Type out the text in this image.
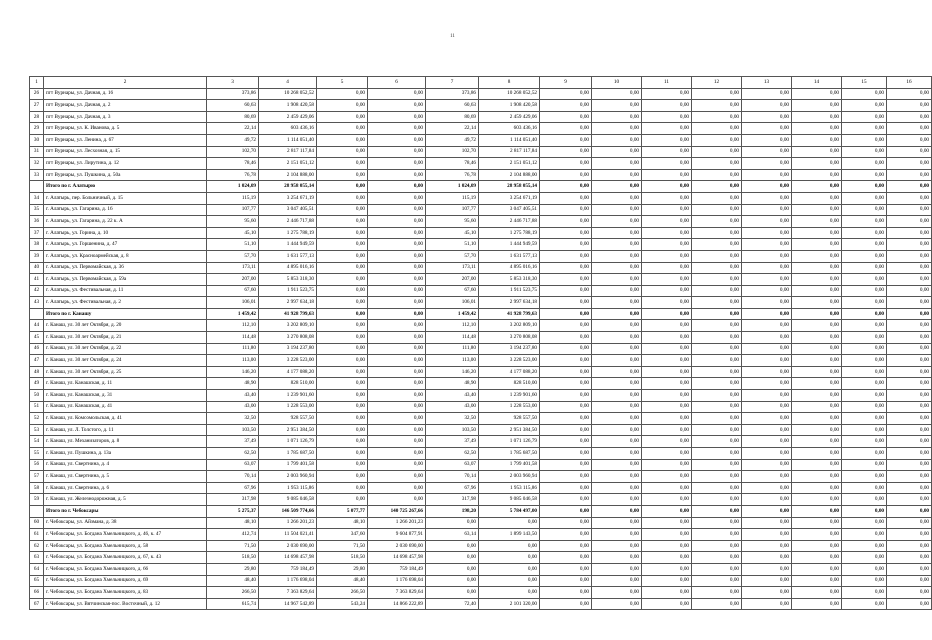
11
1	2	3	4	5	6	7	8	9	10	11	12	13	14	15	16
26	пгт Вурнары, ул. Дачная, д. 16	373,86	10 268 052,52	0,00	0,00	373,86	10 268 052,52	0,00	0,00	0,00	0,00	0,00	0,00	0,00	0,00
27	пгт Вурнары, ул. Дачная, д. 2	60,63	1 908 420,58	0,00	0,00	60,63	1 908 420,58	0,00	0,00	0,00	0,00	0,00	0,00	0,00	0,00
28	пгт Вурнары, ул. Дачная, д. 3	80,69	2 459 429,06	0,00	0,00	80,69	2 459 429,06	0,00	0,00	0,00	0,00	0,00	0,00	0,00	0,00
29	пгт Вурнары, ул. К. Иванова, д. 5	22,14	603 436,16	0,00	0,00	22,14	603 436,16	0,00	0,00	0,00	0,00	0,00	0,00	0,00	0,00
30	пгт Вурнары, ул. Ленина, д. 67	49,72	1 114 051,40	0,00	0,00	49,72	1 114 051,40	0,00	0,00	0,00	0,00	0,00	0,00	0,00	0,00
31	пгт Вурнары, ул. Лесхозная, д. 15	102,70	2 817 117,84	0,00	0,00	102,70	2 817 117,84	0,00	0,00	0,00	0,00	0,00	0,00	0,00	0,00
32	пгт Вурнары, ул. Лирутина, д. 12	78,46	2 151 051,12	0,00	0,00	78,46	2 151 051,12	0,00	0,00	0,00	0,00	0,00	0,00	0,00	0,00
33	пгт Вурнары, ул. Пушкина, д. 50а	76,78	2 104 888,00	0,00	0,00	76,78	2 104 888,00	0,00	0,00	0,00	0,00	0,00	0,00	0,00	0,00
	Итого по г. Алатырю	1 024,09	28 958 055,14	0,00	0,00	1 024,09	28 958 055,14	0,00	0,00	0,00	0,00	0,00	0,00	0,00	0,00
34	г. Алатырь, пер. Больничный, д. 15	115,19	3 254 671,19	0,00	0,00	115,19	3 254 671,19	0,00	0,00	0,00	0,00	0,00	0,00	0,00	0,00
35	г. Алатырь, ул. Гагарина, д. 16	107,77	3 047 405,51	0,00	0,00	107,77	3 047 405,51	0,00	0,00	0,00	0,00	0,00	0,00	0,00	0,00
36	г. Алатырь, ул. Гагарина, д. 22 к. А	95,60	2 446 717,88	0,00	0,00	95,60	2 446 717,88	0,00	0,00	0,00	0,00	0,00	0,00	0,00	0,00
37	г. Алатырь, ул. Горина, д. 10	45,10	1 275 788,19	0,00	0,00	45,10	1 275 788,19	0,00	0,00	0,00	0,00	0,00	0,00	0,00	0,00
38	г. Алатырь, ул. Горшенина, д. 47	51,10	1 444 949,59	0,00	0,00	51,10	1 444 949,59	0,00	0,00	0,00	0,00	0,00	0,00	0,00	0,00
39	г. Алатырь, ул. Красноармейская, д. 8	57,70	1 631 577,13	0,00	0,00	57,70	1 631 577,13	0,00	0,00	0,00	0,00	0,00	0,00	0,00	0,00
40	г. Алатырь, ул. Первомайская, д. 36	173,11	4 895 016,16	0,00	0,00	173,11	4 895 016,16	0,00	0,00	0,00	0,00	0,00	0,00	0,00	0,00
41	г. Алатырь, ул. Первомайская, д. 59а	207,00	5 853 318,30	0,00	0,00	207,00	5 853 318,30	0,00	0,00	0,00	0,00	0,00	0,00	0,00	0,00
42	г. Алатырь, ул. Фестивальная, д. 11	67,60	1 911 523,75	0,00	0,00	67,60	1 911 523,75	0,00	0,00	0,00	0,00	0,00	0,00	0,00	0,00
43	г. Алатырь, ул. Фестивальная, д. 2	106,01	2 997 634,18	0,00	0,00	106,01	2 997 634,18	0,00	0,00	0,00	0,00	0,00	0,00	0,00	0,00
	Итого по г. Канашу	1 459,42	41 928 799,63	0,00	0,00	1 459,42	41 928 799,63	0,00	0,00	0,00	0,00	0,00	0,00	0,00	0,00
44	г. Канаш, ул. 30 лет Октября, д. 20	112,10	3 202 809,10	0,00	0,00	112,10	3 202 809,10	0,00	0,00	0,00	0,00	0,00	0,00	0,00	0,00
45	г. Канаш, ул. 30 лет Октября, д. 21	114,48	3 270 808,08	0,00	0,00	114,48	3 270 808,08	0,00	0,00	0,00	0,00	0,00	0,00	0,00	0,00
46	г. Канаш, ул. 30 лет Октября, д. 22	111,80	3 194 237,80	0,00	0,00	111,80	3 194 237,80	0,00	0,00	0,00	0,00	0,00	0,00	0,00	0,00
47	г. Канаш, ул. 30 лет Октября, д. 24	113,00	3 228 523,00	0,00	0,00	113,00	3 228 523,00	0,00	0,00	0,00	0,00	0,00	0,00	0,00	0,00
48	г. Канаш, ул. 30 лет Октября, д. 25	146,20	4 177 088,20	0,00	0,00	146,20	4 177 088,20	0,00	0,00	0,00	0,00	0,00	0,00	0,00	0,00
49	г. Канаш, ул. Канашская, д. 11	48,90	828 510,00	0,00	0,00	48,90	828 510,00	0,00	0,00	0,00	0,00	0,00	0,00	0,00	0,00
50	г. Канаш, ул. Канашская, д. 31	43,40	1 239 901,60	0,00	0,00	43,40	1 239 901,60	0,00	0,00	0,00	0,00	0,00	0,00	0,00	0,00
51	г. Канаш, ул. Канашская, д. 41	43,00	1 228 553,00	0,00	0,00	43,00	1 228 553,00	0,00	0,00	0,00	0,00	0,00	0,00	0,00	0,00
52	г. Канаш, ул. Комсомольская, д. 41	32,50	928 557,50	0,00	0,00	32,50	928 557,50	0,00	0,00	0,00	0,00	0,00	0,00	0,00	0,00
53	г. Канаш, ул. Л. Толстого, д. 11	103,50	2 951 384,50	0,00	0,00	103,50	2 951 384,50	0,00	0,00	0,00	0,00	0,00	0,00	0,00	0,00
54	г. Канаш, ул. Механизаторов, д. 8	37,49	1 071 126,79	0,00	0,00	37,49	1 071 126,79	0,00	0,00	0,00	0,00	0,00	0,00	0,00	0,00
55	г. Канаш, ул. Пушкина, д. 13а	62,50	1 785 687,50	0,00	0,00	62,50	1 785 687,50	0,00	0,00	0,00	0,00	0,00	0,00	0,00	0,00
56	г. Канаш, ул. Свертнина, д. 4	63,07	1 799 401,58	0,00	0,00	63,07	1 799 401,58	0,00	0,00	0,00	0,00	0,00	0,00	0,00	0,00
57	г. Канаш, ул. Свертнина, д. 5	70,14	2 003 960,94	0,00	0,00	70,14	2 003 960,94	0,00	0,00	0,00	0,00	0,00	0,00	0,00	0,00
58	г. Канаш, ул. Свертнина, д. 6	67,96	1 953 115,86	0,00	0,00	67,96	1 953 115,86	0,00	0,00	0,00	0,00	0,00	0,00	0,00	0,00
59	г. Канаш, ул. Железнодорожная, д. 5	317,98	9 085 046,58	0,00	0,00	317,98	9 085 046,58	0,00	0,00	0,00	0,00	0,00	0,00	0,00	0,00
	Итого по г. Чебоксары	5 275,37	146 509 774,66	5 077,77	140 725 267,66	198,20	5 784 497,00	0,00	0,00	0,00	0,00	0,00	0,00	0,00	0,00
60	г. Чебоксары, ул. Айзмана, д. 38	48,10	1 266 201,23	48,10	1 266 201,23	0,00	0,00	0,00	0,00	0,00	0,00	0,00	0,00	0,00	0,00
61	г. Чебоксары, ул. Богдана Хмельницкого, д. 46, к. 47	412,74	11 504 021,41	347,60	9 604 877,91	63,14	1 899 143,50	0,00	0,00	0,00	0,00	0,00	0,00	0,00	0,00
62	г. Чебоксары, ул. Богдана Хмельницкого, д. 58	71,50	2 030 690,00	71,50	2 030 690,00	0,00	0,00	0,00	0,00	0,00	0,00	0,00	0,00	0,00	0,00
63	г. Чебоксары, ул. Богдана Хмельницкого, д. 67, к. 43	518,50	14 698 457,98	518,50	14 698 457,98	0,00	0,00	0,00	0,00	0,00	0,00	0,00	0,00	0,00	0,00
64	г. Чебоксары, ул. Богдана Хмельницкого, д. 66	29,80	759 184,49	29,80	759 184,49	0,00	0,00	0,00	0,00	0,00	0,00	0,00	0,00	0,00	0,00
65	г. Чебоксары, ул. Богдана Хмельницкого, д. 69	48,40	1 176 698,04	48,40	1 176 698,04	0,00	0,00	0,00	0,00	0,00	0,00	0,00	0,00	0,00	0,00
66	г. Чебоксары, ул. Богдана Хмельницкого, д. 83	266,50	7 363 829,64	266,50	7 363 829,64	0,00	0,00	0,00	0,00	0,00	0,00	0,00	0,00	0,00	0,00
67	г. Чебоксары, ул. Вятчинская-пос. Восточный, д. 12	615,74	14 967 542,89	543,24	14 866 222,89	72,40	2 101 320,00	0,00	0,00	0,00	0,00	0,00	0,00	0,00	0,00
